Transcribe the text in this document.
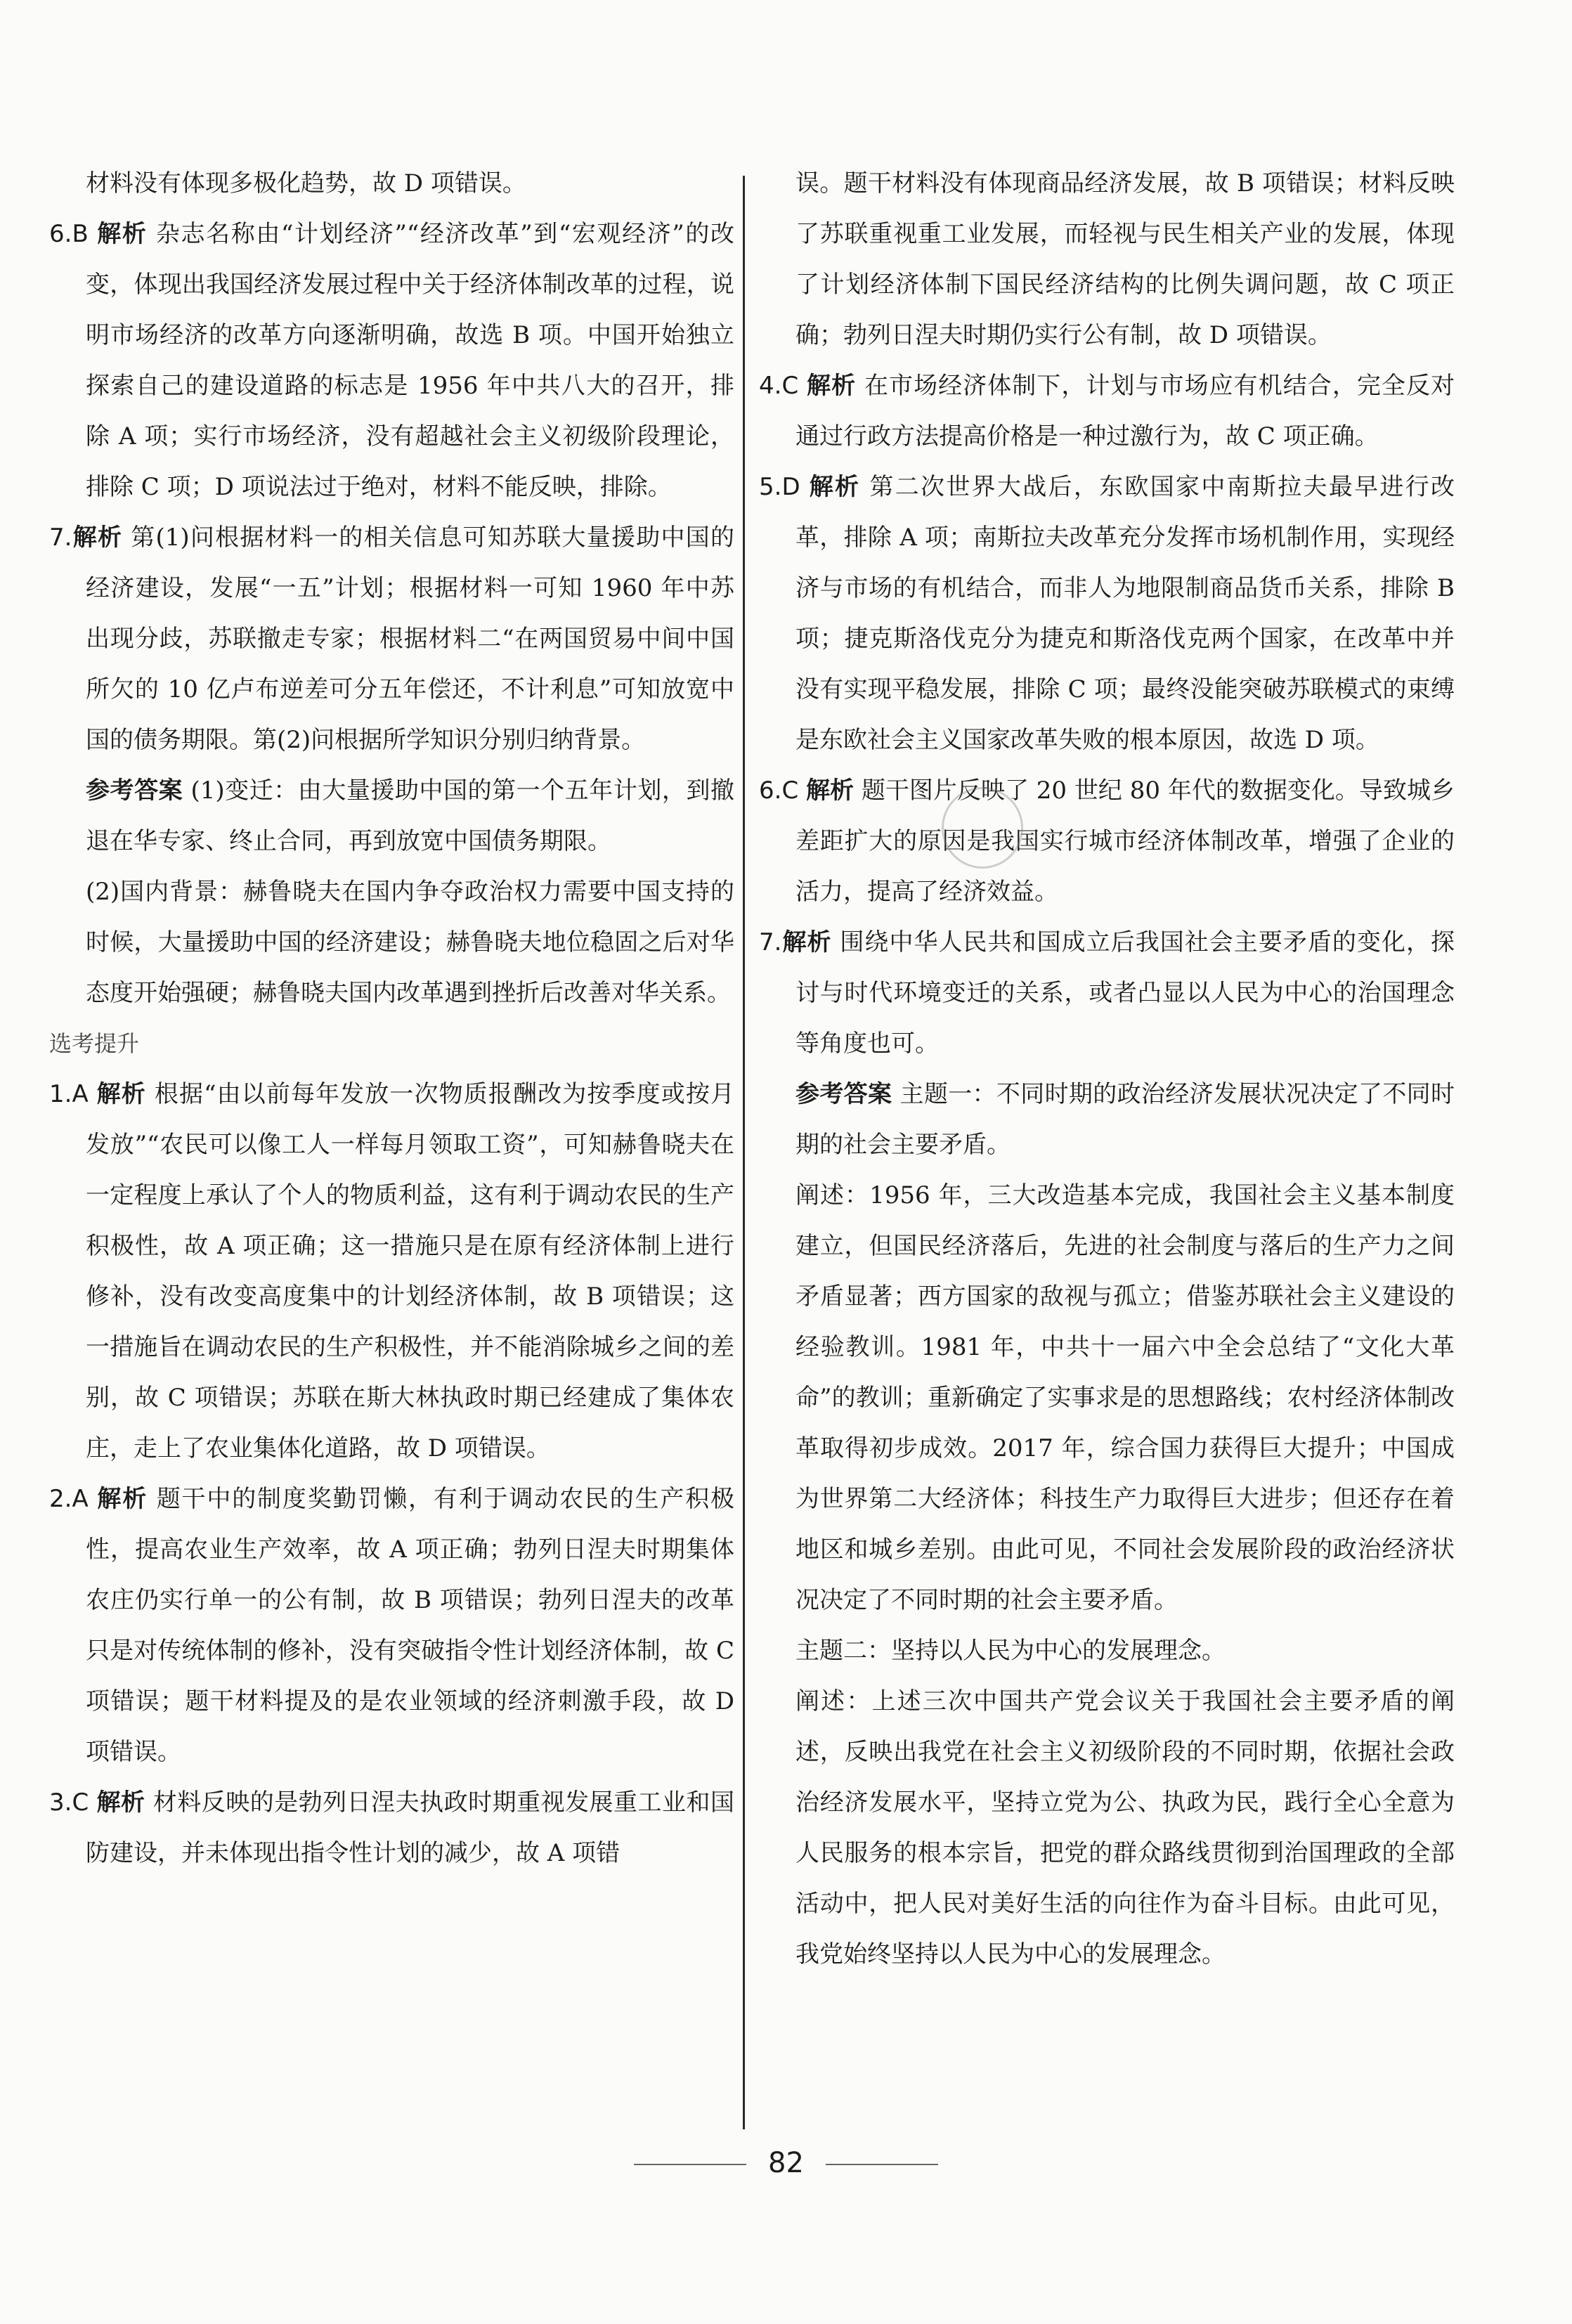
材料没有体现多极化趋势，故 D 项错误。
6.B 解析 杂志名称由“计划经济”“经济改革”到“宏观经济”的改变，体现出我国经济发展过程中关于经济体制改革的过程，说明市场经济的改革方向逐渐明确，故选 B 项。中国开始独立探索自己的建设道路的标志是 1956 年中共八大的召开，排除 A 项；实行市场经济，没有超越社会主义初级阶段理论，排除 C 项；D 项说法过于绝对，材料不能反映，排除。
7.解析 第(1)问根据材料一的相关信息可知苏联大量援助中国的经济建设，发展“一五”计划；根据材料一可知 1960 年中苏出现分歧，苏联撤走专家；根据材料二“在两国贸易中间中国所欠的 10 亿卢布逆差可分五年偿还，不计利息”可知放宽中国的债务期限。第(2)问根据所学知识分别归纳背景。
参考答案 (1)变迁：由大量援助中国的第一个五年计划，到撤退在华专家、终止合同，再到放宽中国债务期限。
(2)国内背景：赫鲁晓夫在国内争夺政治权力需要中国支持的时候，大量援助中国的经济建设；赫鲁晓夫地位稳固之后对华态度开始强硬；赫鲁晓夫国内改革遇到挫折后改善对华关系。
选考提升
1.A 解析 根据“由以前每年发放一次物质报酬改为按季度或按月发放”“农民可以像工人一样每月领取工资”，可知赫鲁晓夫在一定程度上承认了个人的物质利益，这有利于调动农民的生产积极性，故 A 项正确；这一措施只是在原有经济体制上进行修补，没有改变高度集中的计划经济体制，故 B 项错误；这一措施旨在调动农民的生产积极性，并不能消除城乡之间的差别，故 C 项错误；苏联在斯大林执政时期已经建成了集体农庄，走上了农业集体化道路，故 D 项错误。
2.A 解析 题干中的制度奖勤罚懒，有利于调动农民的生产积极性，提高农业生产效率，故 A 项正确；勃列日涅夫时期集体农庄仍实行单一的公有制，故 B 项错误；勃列日涅夫的改革只是对传统体制的修补，没有突破指令性计划经济体制，故 C 项错误；题干材料提及的是农业领域的经济刺激手段，故 D 项错误。
3.C 解析 材料反映的是勃列日涅夫执政时期重视发展重工业和国防建设，并未体现出指令性计划的减少，故 A 项错
误。题干材料没有体现商品经济发展，故 B 项错误；材料反映了苏联重视重工业发展，而轻视与民生相关产业的发展，体现了计划经济体制下国民经济结构的比例失调问题，故 C 项正确；勃列日涅夫时期仍实行公有制，故 D 项错误。
4.C 解析 在市场经济体制下，计划与市场应有机结合，完全反对通过行政方法提高价格是一种过激行为，故 C 项正确。
5.D 解析 第二次世界大战后，东欧国家中南斯拉夫最早进行改革，排除 A 项；南斯拉夫改革充分发挥市场机制作用，实现经济与市场的有机结合，而非人为地限制商品货币关系，排除 B 项；捷克斯洛伐克分为捷克和斯洛伐克两个国家，在改革中并没有实现平稳发展，排除 C 项；最终没能突破苏联模式的束缚是东欧社会主义国家改革失败的根本原因，故选 D 项。
6.C 解析 题干图片反映了 20 世纪 80 年代的数据变化。导致城乡差距扩大的原因是我国实行城市经济体制改革，增强了企业的活力，提高了经济效益。
7.解析 围绕中华人民共和国成立后我国社会主要矛盾的变化，探讨与时代环境变迁的关系，或者凸显以人民为中心的治国理念等角度也可。
参考答案 主题一：不同时期的政治经济发展状况决定了不同时期的社会主要矛盾。
阐述：1956 年，三大改造基本完成，我国社会主义基本制度建立，但国民经济落后，先进的社会制度与落后的生产力之间矛盾显著；西方国家的敌视与孤立；借鉴苏联社会主义建设的经验教训。1981 年，中共十一届六中全会总结了“文化大革命”的教训；重新确定了实事求是的思想路线；农村经济体制改革取得初步成效。2017 年，综合国力获得巨大提升；中国成为世界第二大经济体；科技生产力取得巨大进步；但还存在着地区和城乡差别。由此可见，不同社会发展阶段的政治经济状况决定了不同时期的社会主要矛盾。
主题二：坚持以人民为中心的发展理念。
阐述：上述三次中国共产党会议关于我国社会主要矛盾的阐述，反映出我党在社会主义初级阶段的不同时期，依据社会政治经济发展水平，坚持立党为公、执政为民，践行全心全意为人民服务的根本宗旨，把党的群众路线贯彻到治国理政的全部活动中，把人民对美好生活的向往作为奋斗目标。由此可见，我党始终坚持以人民为中心的发展理念。
82
